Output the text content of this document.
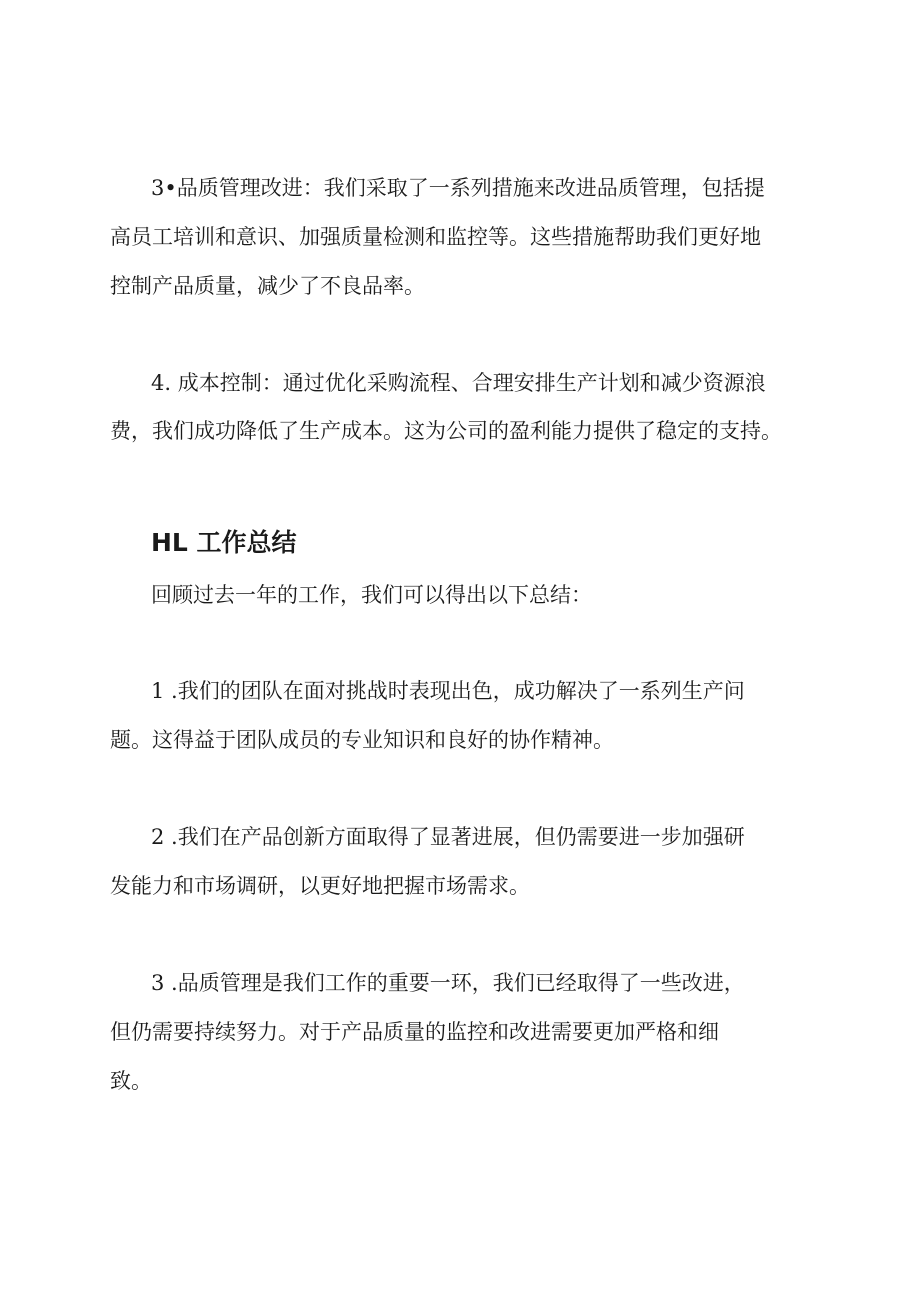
3•品质管理改进：我们采取了一系列措施来改进品质管理，包括提
高员工培训和意识、加强质量检测和监控等。这些措施帮助我们更好地
控制产品质量，减少了不良品率。
4. 成本控制：通过优化采购流程、合理安排生产计划和减少资源浪
费，我们成功降低了生产成本。这为公司的盈利能力提供了稳定的支持。
HL 工作总结
回顾过去一年的工作，我们可以得出以下总结：
1 .我们的团队在面对挑战时表现出色，成功解决了一系列生产问
题。这得益于团队成员的专业知识和良好的协作精神。
2 .我们在产品创新方面取得了显著进展，但仍需要进一步加强研
发能力和市场调研，以更好地把握市场需求。
3 .品质管理是我们工作的重要一环，我们已经取得了一些改进，
但仍需要持续努力。对于产品质量的监控和改进需要更加严格和细
致。
